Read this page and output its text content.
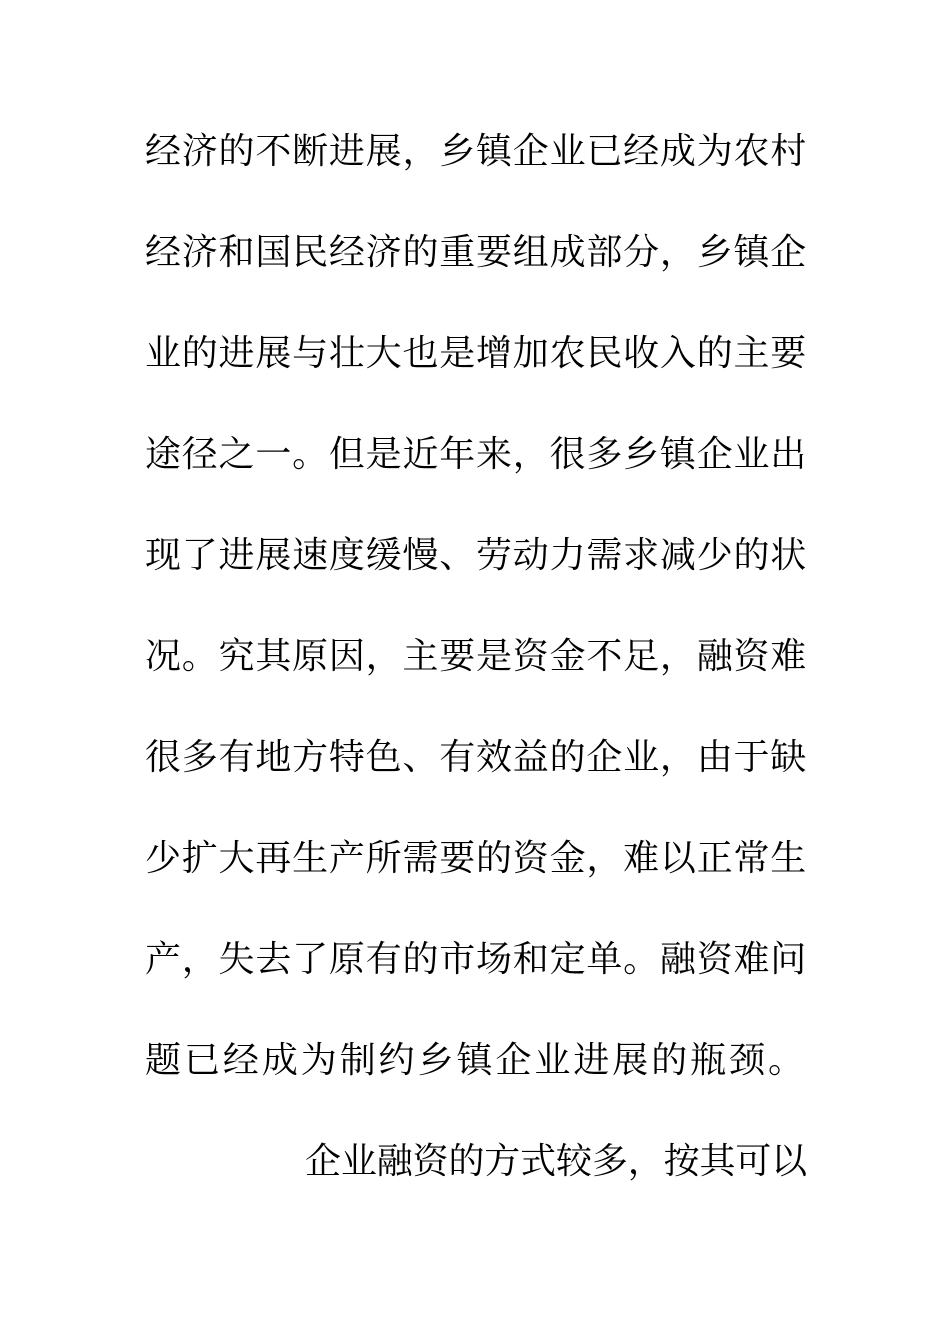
经济的不断进展，乡镇企业已经成为农村
经济和国民经济的重要组成部分，乡镇企
业的进展与壮大也是增加农民收入的主要
途径之一。但是近年来，很多乡镇企业出
现了进展速度缓慢、劳动力需求减少的状
况。究其原因，主要是资金不足，融资难
很多有地方特色、有效益的企业，由于缺
少扩大再生产所需要的资金，难以正常生
产，失去了原有的市场和定单。融资难问
题已经成为制约乡镇企业进展的瓶颈。
企业融资的方式较多，按其可以
